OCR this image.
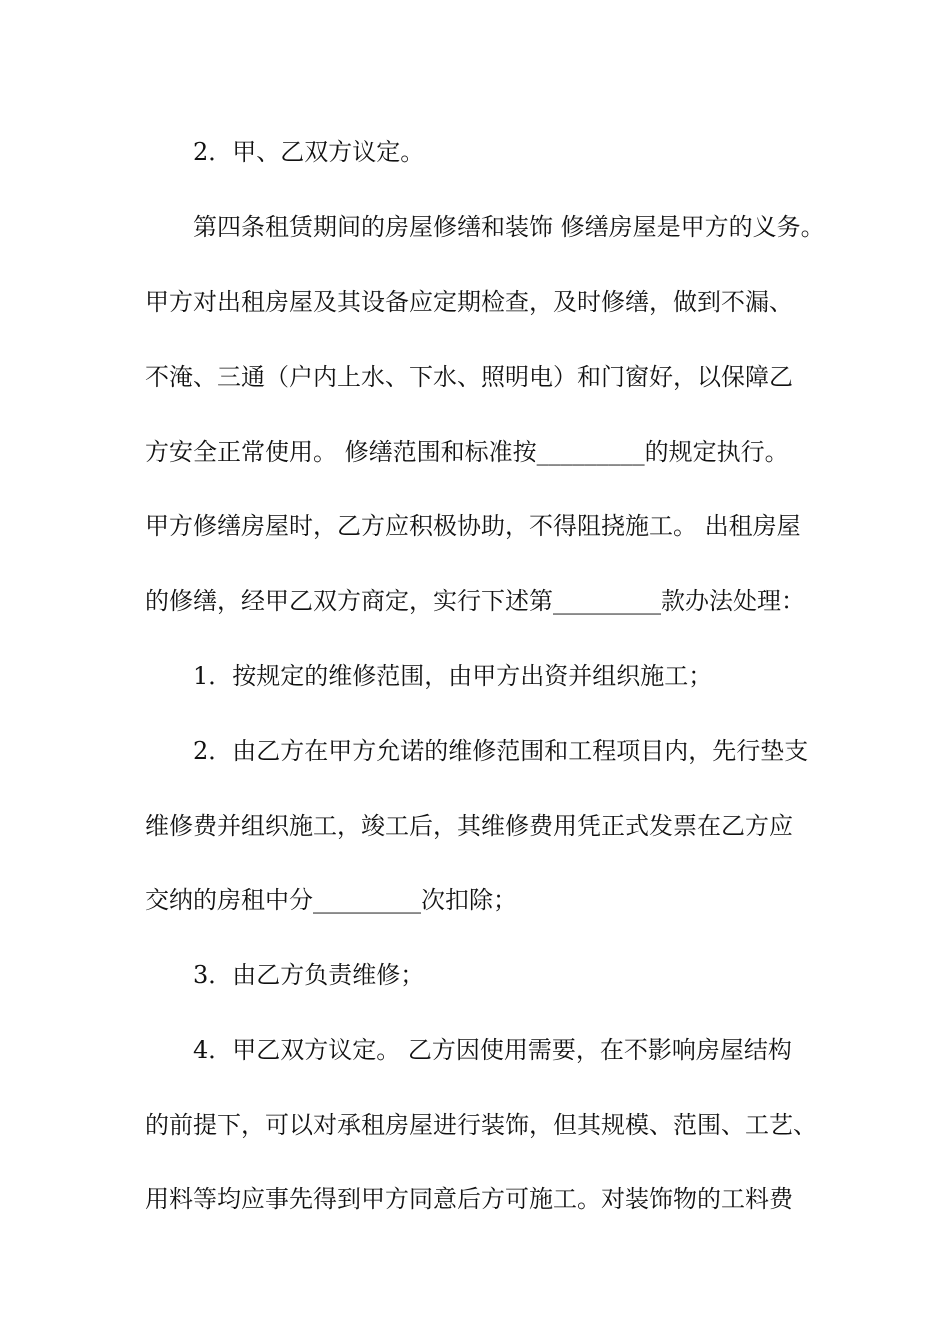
2．甲、乙双方议定。
第四条租赁期间的房屋修缮和装饰 修缮房屋是甲方的义务。
甲方对出租房屋及其设备应定期检查，及时修缮，做到不漏、
不淹、三通（户内上水、下水、照明电）和门窗好，以保障乙
方安全正常使用。 修缮范围和标准按_________的规定执行。
甲方修缮房屋时，乙方应积极协助，不得阻挠施工。 出租房屋
的修缮，经甲乙双方商定，实行下述第_________款办法处理：
1．按规定的维修范围，由甲方出资并组织施工；
2．由乙方在甲方允诺的维修范围和工程项目内，先行垫支
维修费并组织施工，竣工后，其维修费用凭正式发票在乙方应
交纳的房租中分_________次扣除；
3．由乙方负责维修；
4．甲乙双方议定。 乙方因使用需要，在不影响房屋结构
的前提下，可以对承租房屋进行装饰，但其规模、范围、工艺、
用料等均应事先得到甲方同意后方可施工。对装饰物的工料费
